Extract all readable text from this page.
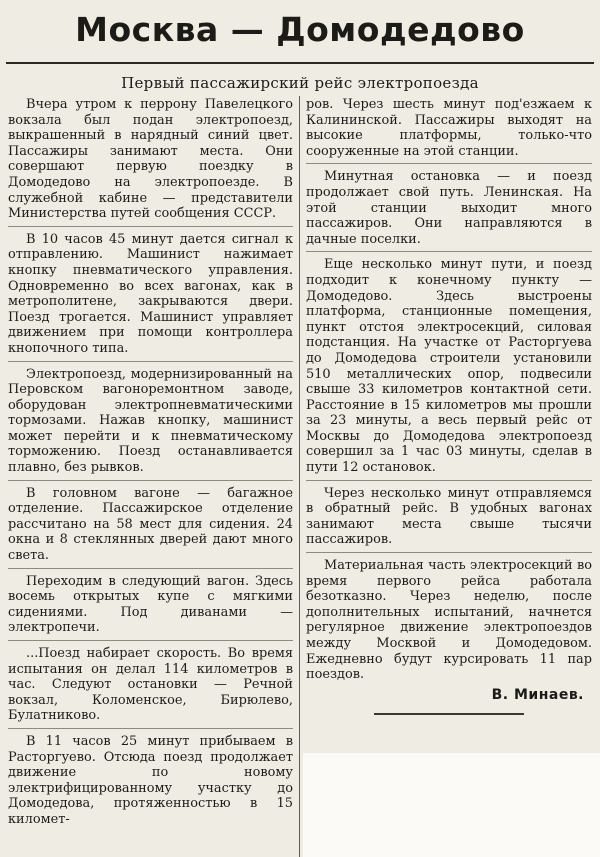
Москва — Домодедово
Первый пассажирский рейс электропоезда

Вчера утром к перрону Павелецкого вокзала был подан электропоезд, выкрашенный в нарядный синий цвет. Пассажиры занимают места. Они совершают первую поездку в Домодедово на электропоезде. В служебной кабине — представители Министерства путей сообщения СССР.

В 10 часов 45 минут дается сигнал к отправлению. Машинист нажимает кнопку пневматического управления. Одновременно во всех вагонах, как в метрополитене, закрываются двери. Поезд трогается. Машинист управляет движением при помощи контроллера кнопочного типа.

Электропоезд, модернизированный на Перовском вагоноремонтном заводе, оборудован электропневматическими тормозами. Нажав кнопку, машинист может перейти и к пневматическому торможению. Поезд останавливается плавно, без рывков.

В головном вагоне — багажное отделение. Пассажирское отделение рассчитано на 58 мест для сидения. 24 окна и 8 стеклянных дверей дают много света.

Переходим в следующий вагон. Здесь восемь открытых купе с мягкими сидениями. Под диванами — электропечи.

...Поезд набирает скорость. Во время испытания он делал 114 километров в час. Следуют остановки — Речной вокзал, Коломенское, Бирюлево, Булатниково.

В 11 часов 25 минут прибываем в Расторгуево. Отсюда поезд продолжает движение по новому электрифицированному участку до Домодедова, протяженностью в 15 километ-

ров. Через шесть минут под'езжаем к Калининской. Пассажиры выходят на высокие платформы, только-что сооруженные на этой станции.

Минутная остановка — и поезд продолжает свой путь. Ленинская. На этой станции выходит много пассажиров. Они направляются в дачные поселки.

Еще несколько минут пути, и поезд подходит к конечному пункту — Домодедово. Здесь выстроены платформа, станционные помещения, пункт отстоя электросекций, силовая подстанция. На участке от Расторгуева до Домодедова строители установили 510 металлических опор, подвесили свыше 33 километров контактной сети. Расстояние в 15 километров мы прошли за 23 минуты, а весь первый рейс от Москвы до Домодедова электропоезд совершил за 1 час 03 минуты, сделав в пути 12 остановок.

Через несколько минут отправляемся в обратный рейс. В удобных вагонах занимают места свыше тысячи пассажиров.

Материальная часть электросекций во время первого рейса работала безотказно. Через неделю, после дополнительных испытаний, начнется регулярное движение электропоездов между Москвой и Домодедовом. Ежедневно будут курсировать 11 пар поездов.

В. Минаев.
